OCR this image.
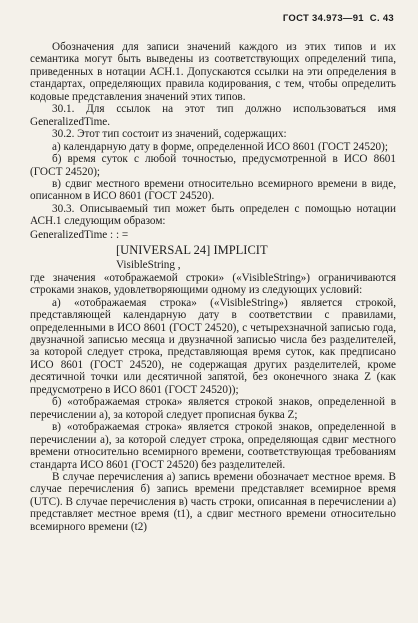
ГОСТ 34.973—91 С. 43

Обозначения для записи значений каждого из этих типов и их семантика могут быть выведены из соответствующих определений типа, приведенных в нотации АСН.1. Допускаются ссылки на эти определения в стандартах, определяющих правила кодирования, с тем, чтобы определить кодовые представления значений этих типов.

30.1. Для ссылок на этот тип должно использоваться имя GeneralizedTime.

30.2. Этот тип состоит из значений, содержащих:

а) календарную дату в форме, определенной ИСО 8601 (ГОСТ 24520);

б) время суток с любой точностью, предусмотренной в ИСО 8601 (ГОСТ 24520);

в) сдвиг местного времени относительно всемирного времени в виде, описанном в ИСО 8601 (ГОСТ 24520).

30.3. Описываемый тип может быть определен с помощью нотации АСН.1 следующим образом:

GeneralizedTime : : =

[UNIVERSAL 24] IMPLICIT

VisibleString ,

где значения «отображаемой строки» («VisibleString») ограничиваются строками знаков, удовлетворяющими одному из следующих условий:

а) «отображаемая строка» («VisibleString») является строкой, представляющей календарную дату в соответствии с правилами, определенными в ИСО 8601 (ГОСТ 24520), с четырехзначной записью года, двузначной записью месяца и двузначной записью числа без разделителей, за которой следует строка, представляющая время суток, как предписано ИСО 8601 (ГОСТ 24520), не содержащая других разделителей, кроме десятичной точки или десятичной запятой, без оконечного знака Z (как предусмотрено в ИСО 8601 (ГОСТ 24520));

б) «отображаемая строка» является строкой знаков, определенной в перечислении а), за которой следует прописная буква Z;

в) «отображаемая строка» является строкой знаков, определенной в перечислении а), за которой следует строка, определяющая сдвиг местного времени относительно всемирного времени, соответствующая требованиям стандарта ИСО 8601 (ГОСТ 24520) без разделителей.

В случае перечисления а) запись времени обозначает местное время. В случае перечисления б) запись времени представляет всемирное время (UTC). В случае перечисления в) часть строки, описанная в перечислении а) представляет местное время (t1), а сдвиг местного времени относительно всемирного времени (t2)
